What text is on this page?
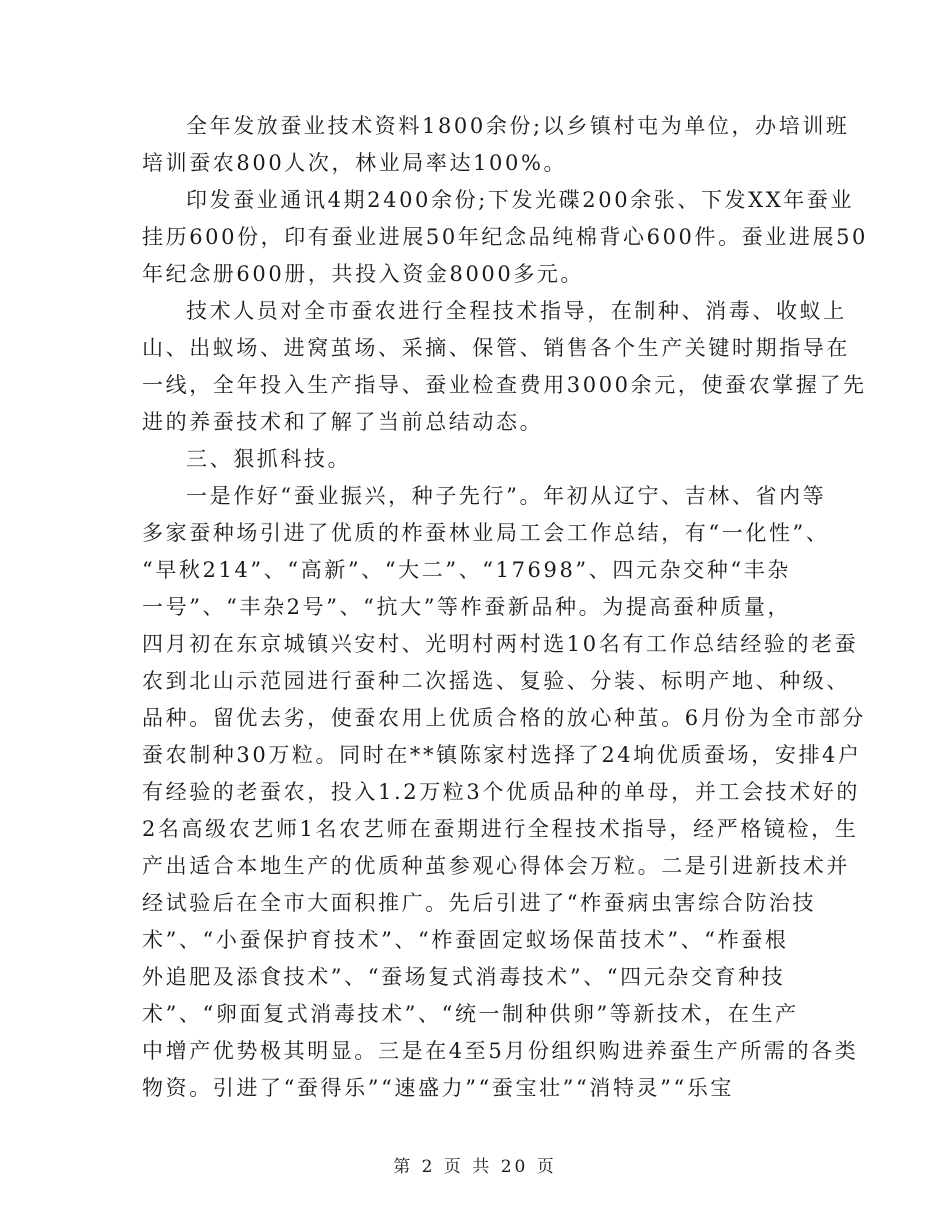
全年发放蚕业技术资料1800余份;以乡镇村屯为单位，办培训班
培训蚕农800人次，林业局率达100%。
印发蚕业通讯4期2400余份;下发光碟200余张、下发XX年蚕业
挂历600份，印有蚕业进展50年纪念品纯棉背心600件。蚕业进展50
年纪念册600册，共投入资金8000多元。
技术人员对全市蚕农进行全程技术指导，在制种、消毒、收蚁上
山、出蚁场、进窝茧场、采摘、保管、销售各个生产关键时期指导在
一线，全年投入生产指导、蚕业检查费用3000余元，使蚕农掌握了先
进的养蚕技术和了解了当前总结动态。
三、狠抓科技。
一是作好“蚕业振兴，种子先行”。年初从辽宁、吉林、省内等
多家蚕种场引进了优质的柞蚕林业局工会工作总结，有“一化性”、
“早秋214”、“高新”、“大二”、“17698”、四元杂交种“丰杂
一号”、“丰杂2号”、“抗大”等柞蚕新品种。为提高蚕种质量，
四月初在东京城镇兴安村、光明村两村选10名有工作总结经验的老蚕
农到北山示范园进行蚕种二次摇选、复验、分装、标明产地、种级、
品种。留优去劣，使蚕农用上优质合格的放心种茧。6月份为全市部分
蚕农制种30万粒。同时在**镇陈家村选择了24垧优质蚕场，安排4户
有经验的老蚕农，投入1.2万粒3个优质品种的单母，并工会技术好的
2名高级农艺师1名农艺师在蚕期进行全程技术指导，经严格镜检，生
产出适合本地生产的优质种茧参观心得体会万粒。二是引进新技术并
经试验后在全市大面积推广。先后引进了“柞蚕病虫害综合防治技
术”、“小蚕保护育技术”、“柞蚕固定蚁场保苗技术”、“柞蚕根
外追肥及添食技术”、“蚕场复式消毒技术”、“四元杂交育种技
术”、“卵面复式消毒技术”、“统一制种供卵”等新技术，在生产
中增产优势极其明显。三是在4至5月份组织购进养蚕生产所需的各类
物资。引进了“蚕得乐”“速盛力”“蚕宝壮”“消特灵”“乐宝
第 2 页 共 20 页
